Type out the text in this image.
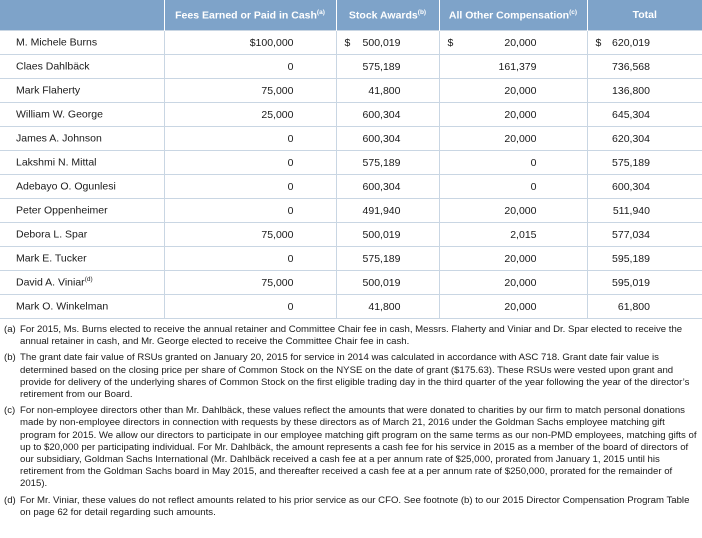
	Fees Earned or Paid in Cash$^{(a)}$	Stock Awards$^{(b)}$	All Other Compensation$^{(c)}$	Total
M. Michele Burns	$100,000	$ 500,019	$ 20,000	$ 620,019
Claes Dahlbäck	0	575,189	161,379	736,568
Mark Flaherty	75,000	41,800	20,000	136,800
William W. George	25,000	600,304	20,000	645,304
James A. Johnson	0	600,304	20,000	620,304
Lakshmi N. Mittal	0	575,189	0	575,189
Adebayo O. Ogunlesi	0	600,304	0	600,304
Peter Oppenheimer	0	491,940	20,000	511,940
Debora L. Spar	75,000	500,019	2,015	577,034
Mark E. Tucker	0	575,189	20,000	595,189
David A. Viniar$^{(d)}$	75,000	500,019	20,000	595,019
Mark O. Winkelman	0	41,800	20,000	61,800
(a) For 2015, Ms. Burns elected to receive the annual retainer and Committee Chair fee in cash, Messrs. Flaherty and Viniar and Dr. Spar elected to receive the annual retainer in cash, and Mr. George elected to receive the Committee Chair fee in cash.
(b) The grant date fair value of RSUs granted on January 20, 2015 for service in 2014 was calculated in accordance with ASC 718. Grant date fair value is determined based on the closing price per share of Common Stock on the NYSE on the date of grant ($175.63). These RSUs were vested upon grant and provide for delivery of the underlying shares of Common Stock on the first eligible trading day in the third quarter of the year following the year of the director’s retirement from our Board.
(c) For non-employee directors other than Mr. Dahlbäck, these values reflect the amounts that were donated to charities by our firm to match personal donations made by non-employee directors in connection with requests by these directors as of March 21, 2016 under the Goldman Sachs employee matching gift program for 2015. We allow our directors to participate in our employee matching gift program on the same terms as our non-PMD employees, matching gifts of up to $20,000 per participating individual. For Mr. Dahlbäck, the amount represents a cash fee for his service in 2015 as a member of the board of directors of our subsidiary, Goldman Sachs International (Mr. Dahlbäck received a cash fee at a per annum rate of $25,000, prorated from January 1, 2015 until his retirement from the Goldman Sachs board in May 2015, and thereafter received a cash fee at a per annum rate of $250,000, prorated for the remainder of 2015).
(d) For Mr. Viniar, these values do not reflect amounts related to his prior service as our CFO. See footnote (b) to our 2015 Director Compensation Program Table on page 62 for detail regarding such amounts.
